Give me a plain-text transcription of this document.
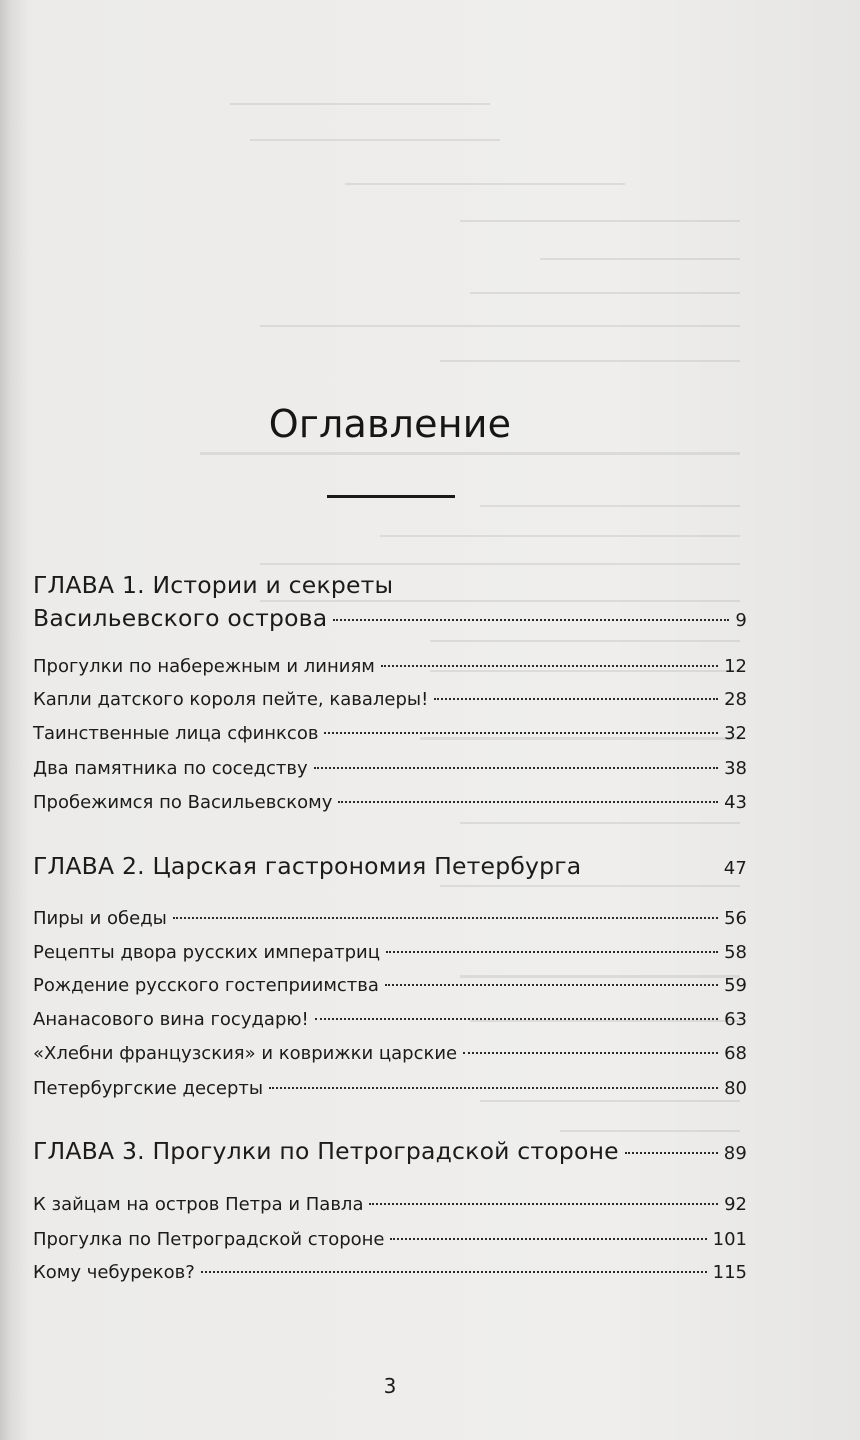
Оглавление
ГЛАВА 1. Истории и секреты
Васильевского острова	9
Прогулки по набережным и линиям	12
Капли датского короля пейте, кавалеры!	28
Таинственные лица сфинксов	32
Два памятника по соседству	38
Пробежимся по Васильевскому	43
ГЛАВА 2. Царская гастрономия Петербурга	47
Пиры и обеды	56
Рецепты двора русских императриц	58
Рождение русского гостеприимства	59
Ананасового вина государю!	63
«Хлебни французския» и коврижки царские	68
Петербургские десерты	80
ГЛАВА 3. Прогулки по Петроградской стороне	89
К зайцам на остров Петра и Павла	92
Прогулка по Петроградской стороне	101
Кому чебуреков?	115
3
